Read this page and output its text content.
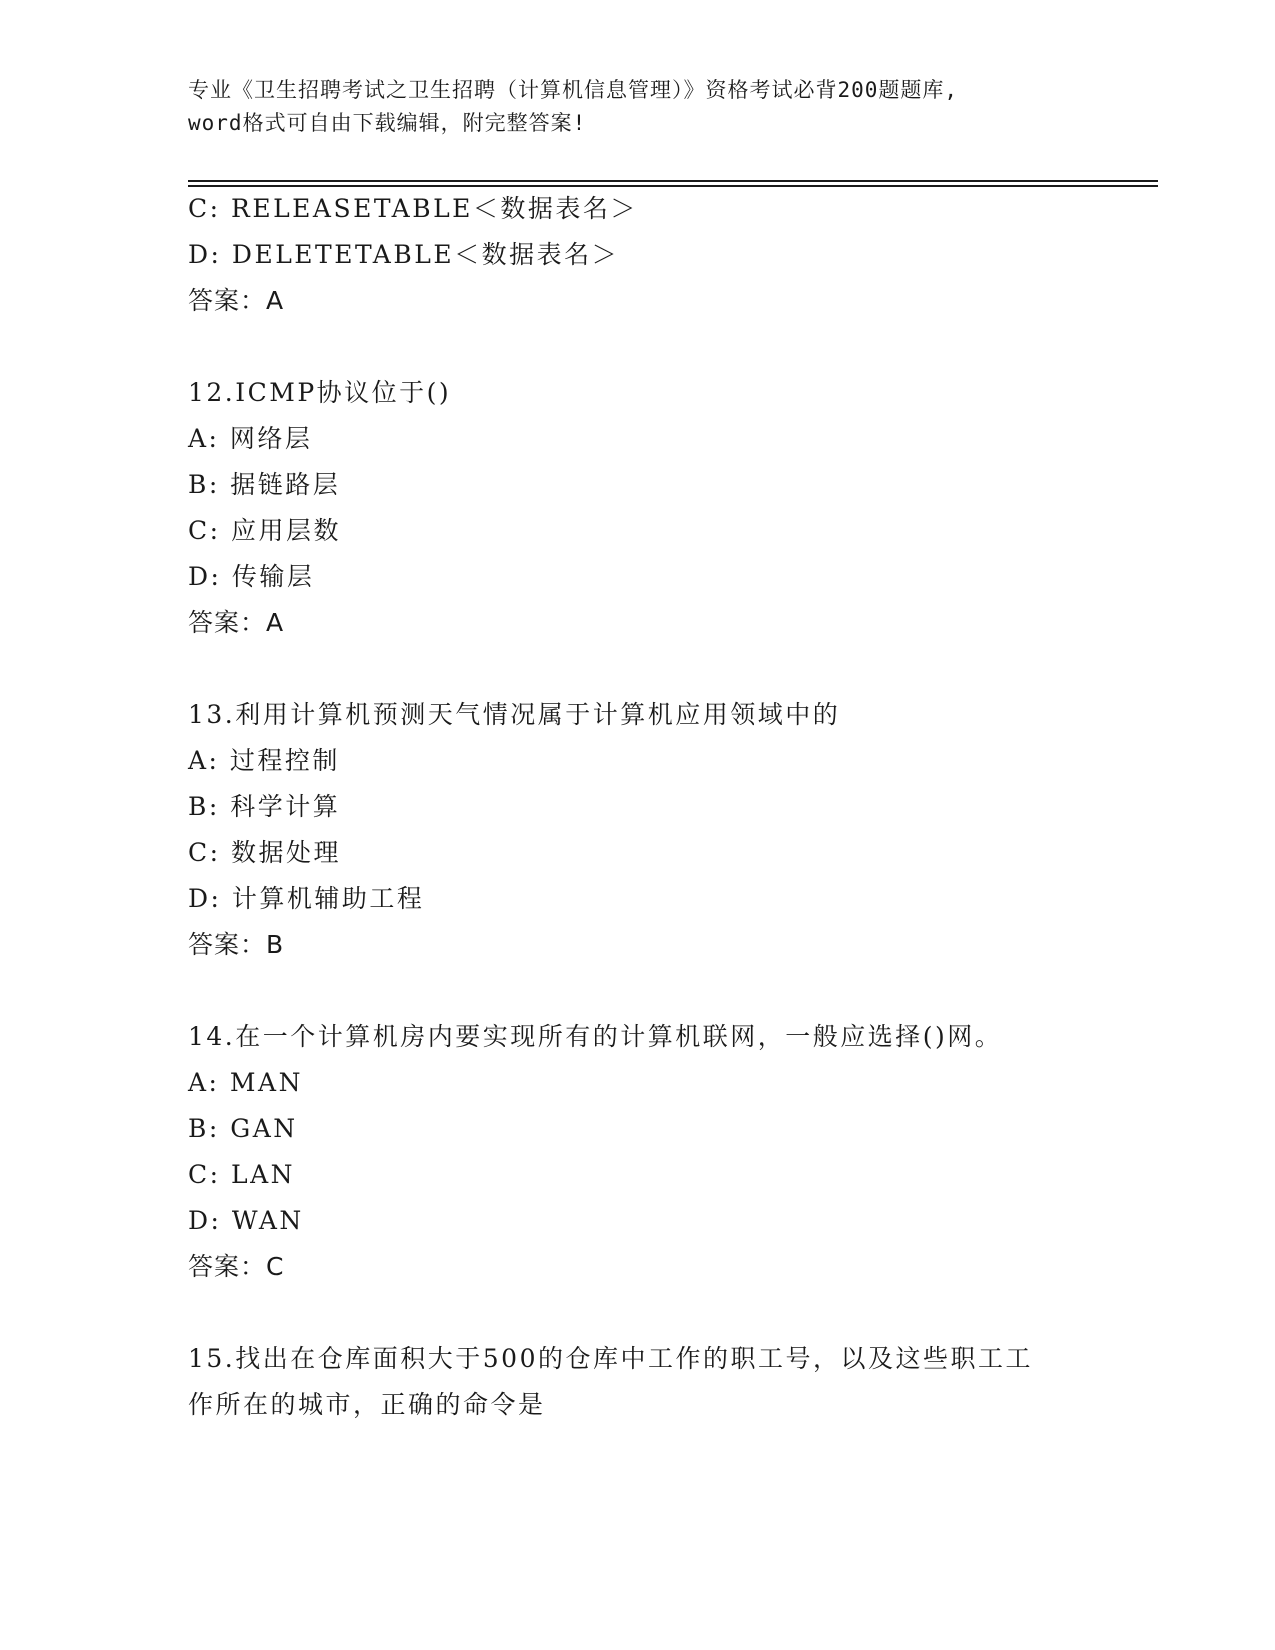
专业《卫生招聘考试之卫生招聘（计算机信息管理）》资格考试必背200题题库,
word格式可自由下载编辑，附完整答案!
C: RELEASETABLE＜数据表名＞
D: DELETETABLE＜数据表名＞
答案：A
12.ICMP协议位于()
A: 网络层
B: 据链路层
C: 应用层数
D: 传输层
答案：A
13.利用计算机预测天气情况属于计算机应用领域中的
A: 过程控制
B: 科学计算
C: 数据处理
D: 计算机辅助工程
答案：B
14.在一个计算机房内要实现所有的计算机联网，一般应选择()网。
A: MAN
B: GAN
C: LAN
D: WAN
答案：C
15.找出在仓库面积大于500的仓库中工作的职工号，以及这些职工工
作所在的城市，正确的命令是
